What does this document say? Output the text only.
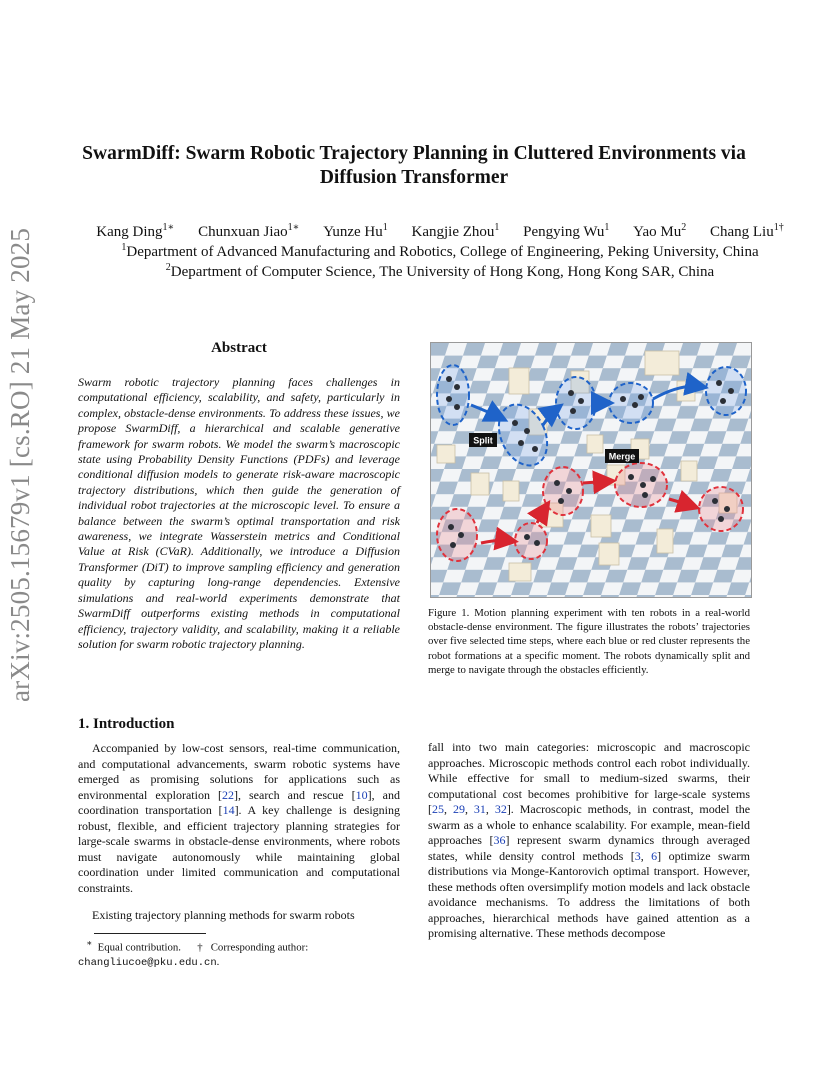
arXiv:2505.15679v1 [cs.RO] 21 May 2025
SwarmDiff: Swarm Robotic Trajectory Planning in Cluttered Environments via
Diffusion Transformer
Kang Ding$^{1∗}$ Chunxuan Jiao$^{1∗}$ Yunze Hu$^1$ Kangjie Zhou$^1$ Pengying Wu$^1$ Yao Mu$^2$ Chang Liu$^{1\dagger}$
$^1$Department of Advanced Manufacturing and Robotics, College of Engineering, Peking University, China
$^2$Department of Computer Science, The University of Hong Kong, Hong Kong SAR, China
Abstract
Swarm robotic trajectory planning faces challenges in computational efficiency, scalability, and safety, particularly in complex, obstacle-dense environments. To address these issues, we propose SwarmDiff, a hierarchical and scalable generative framework for swarm robots. We model the swarm’s macroscopic state using Probability Density Functions (PDFs) and leverage conditional diffusion models to generate risk-aware macroscopic trajectory distributions, which then guide the generation of individual robot trajectories at the microscopic level. To ensure a balance between the swarm’s optimal transportation and risk awareness, we integrate Wasserstein metrics and Conditional Value at Risk (CVaR). Additionally, we introduce a Diffusion Transformer (DiT) to improve sampling efficiency and generation quality by capturing long-range dependencies. Extensive simulations and real-world experiments demonstrate that SwarmDiff outperforms existing methods in computational efficiency, trajectory validity, and scalability, making it a reliable solution for swarm robotic trajectory planning.
1. Introduction
Accompanied by low-cost sensors, real-time communication, and computational advancements, swarm robotic systems have emerged as promising solutions for applications such as environmental exploration [22], search and rescue [10], and coordination transportation [14]. A key challenge is designing robust, flexible, and efficient trajectory planning strategies for large-scale swarms in obstacle-dense environments, where robots must navigate autonomously while maintaining global coordination under limited communication and computational constraints.
Existing trajectory planning methods for swarm robots
fall into two main categories: microscopic and macroscopic approaches. Microscopic methods control each robot individually. While effective for small to medium-sized swarms, their computational cost becomes prohibitive for large-scale systems [25, 29, 31, 32]. Macroscopic methods, in contrast, model the swarm as a whole to enhance scalability. For example, mean-field approaches [36] represent swarm dynamics through averaged states, while density control methods [3, 6] optimize swarm distributions via Monge-Kantorovich optimal transport. However, these methods often oversimplify motion models and lack obstacle avoidance mechanisms. To address the limitations of both approaches, hierarchical methods have gained attention as a promising alternative. These methods decompose
∗ Equal contribution. † Corresponding author:
changliucoe@pku.edu.cn.
Split
Merge
Figure 1. Motion planning experiment with ten robots in a real-world obstacle-dense environment. The figure illustrates the robots’ trajectories over five selected time steps, where each blue or red cluster represents the robot formations at a specific moment. The robots dynamically split and merge to navigate through the obstacles efficiently.
